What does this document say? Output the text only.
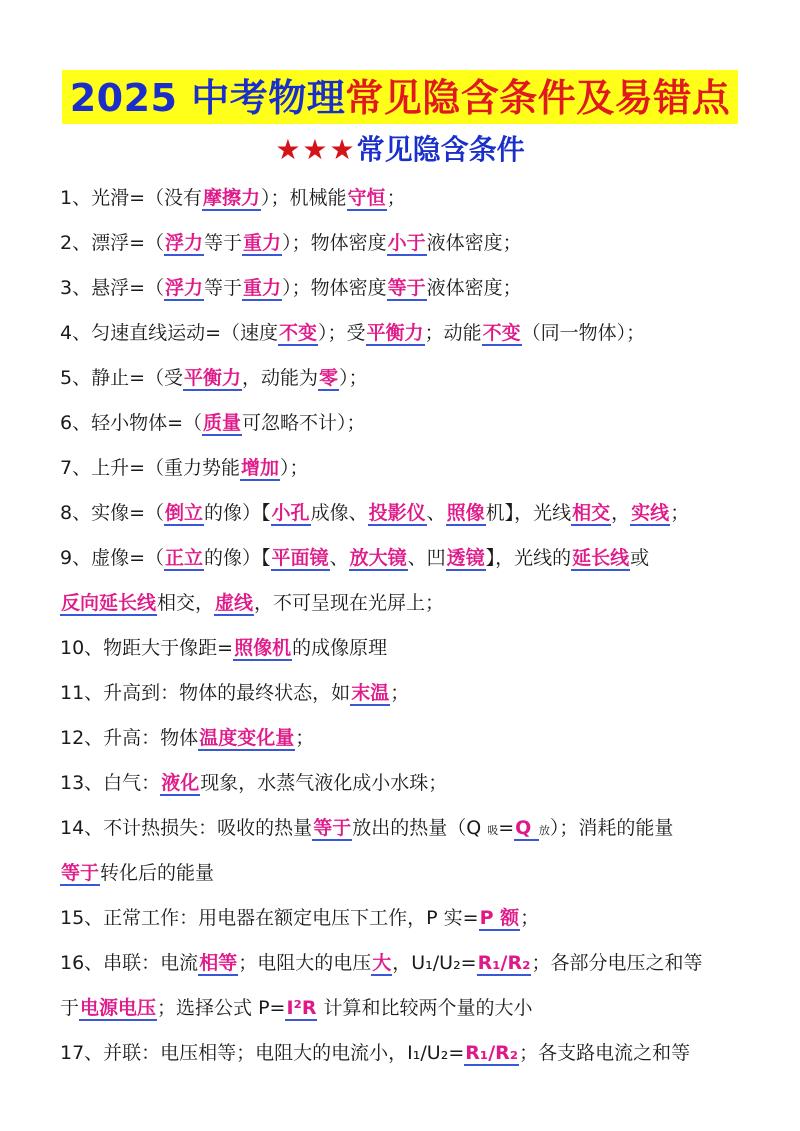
2025 中考物理常见隐含条件及易错点
★★★常见隐含条件
1、光滑=（没有摩擦力）；机械能守恒；
2、漂浮=（浮力等于重力）；物体密度小于液体密度；
3、悬浮=（浮力等于重力）；物体密度等于液体密度；
4、匀速直线运动=（速度不变）；受平衡力；动能不变（同一物体）；
5、静止=（受平衡力，动能为零）；
6、轻小物体=（质量可忽略不计）；
7、上升=（重力势能增加）；
8、实像=（倒立的像）【小孔成像、投影仪、照像机】，光线相交，实线；
9、虚像=（正立的像）【平面镜、放大镜、凹透镜】，光线的延长线或
反向延长线相交，虚线，不可呈现在光屏上；
10、物距大于像距=照像机的成像原理
11、升高到：物体的最终状态，如末温；
12、升高：物体温度变化量；
13、白气：液化现象，水蒸气液化成小水珠；
14、不计热损失：吸收的热量等于放出的热量（Q 吸=Q 放）；消耗的能量
等于转化后的能量
15、正常工作：用电器在额定电压下工作，P 实=P 额；
16、串联：电流相等；电阻大的电压大，U₁/U₂=R₁/R₂；各部分电压之和等
于电源电压；选择公式 P=I²R 计算和比较两个量的大小
17、并联：电压相等；电阻大的电流小，I₁/U₂=R₁/R₂；各支路电流之和等
